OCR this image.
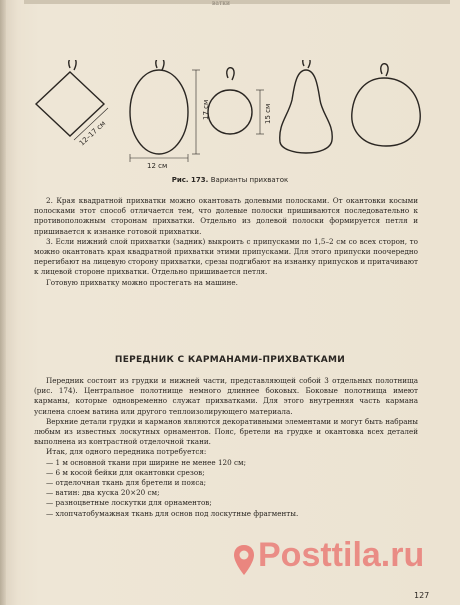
ватки
12–17 см
12 см
17 см	15 см
Рис. 173. Варианты прихваток

2. Края квадратной прихватки можно окантовать долевыми полосками. От окантовки косыми полосками этот способ отличается тем, что долевые полоски пришиваются последовательно к противоположным сторонам прихватки. Отдельно из долевой полоски формируется петля и пришивается к изнанке готовой прихватки.

3. Если нижний слой прихватки (задник) выкроить с припусками по 1,5–2 см со всех сторон, то можно окантовать края квадратной прихватки этими припусками. Для этого припуски поочередно перегибают на лицевую сторону прихватки, срезы подгибают на изнанку припусков и притачивают к лицевой стороне прихватки. Отдельно пришивается петля.

Готовую прихватку можно простегать на машине.

ПЕРЕДНИК С КАРМАНАМИ-ПРИХВАТКАМИ

Передник состоит из грудки и нижней части, представляющей собой 3 отдельных полотнища (рис. 174). Центральное полотнище немного длиннее боковых. Боковые полотнища имеют карманы, которые одновременно служат прихватками. Для этого внутренняя часть кармана усилена слоем ватина или другого теплоизолирующего материала.

Верхние детали грудки и карманов являются декоративными элементами и могут быть набраны любым из известных лоскутных орнаментов. Пояс, бретели на грудке и окантовка всех деталей выполнена из контрастной отделочной ткани.

Итак, для одного передника потребуется:

— 1 м основной ткани при ширине не менее 120 см;
— 6 м косой бейки для окантовки срезов;
— отделочная ткань для бретели и пояса;
— ватин: два куска 20×20 см;
— разноцветные лоскутки для орнаментов;
— хлопчатобумажная ткань для основ под лоскутные фрагменты.
Posttila.ru
127
